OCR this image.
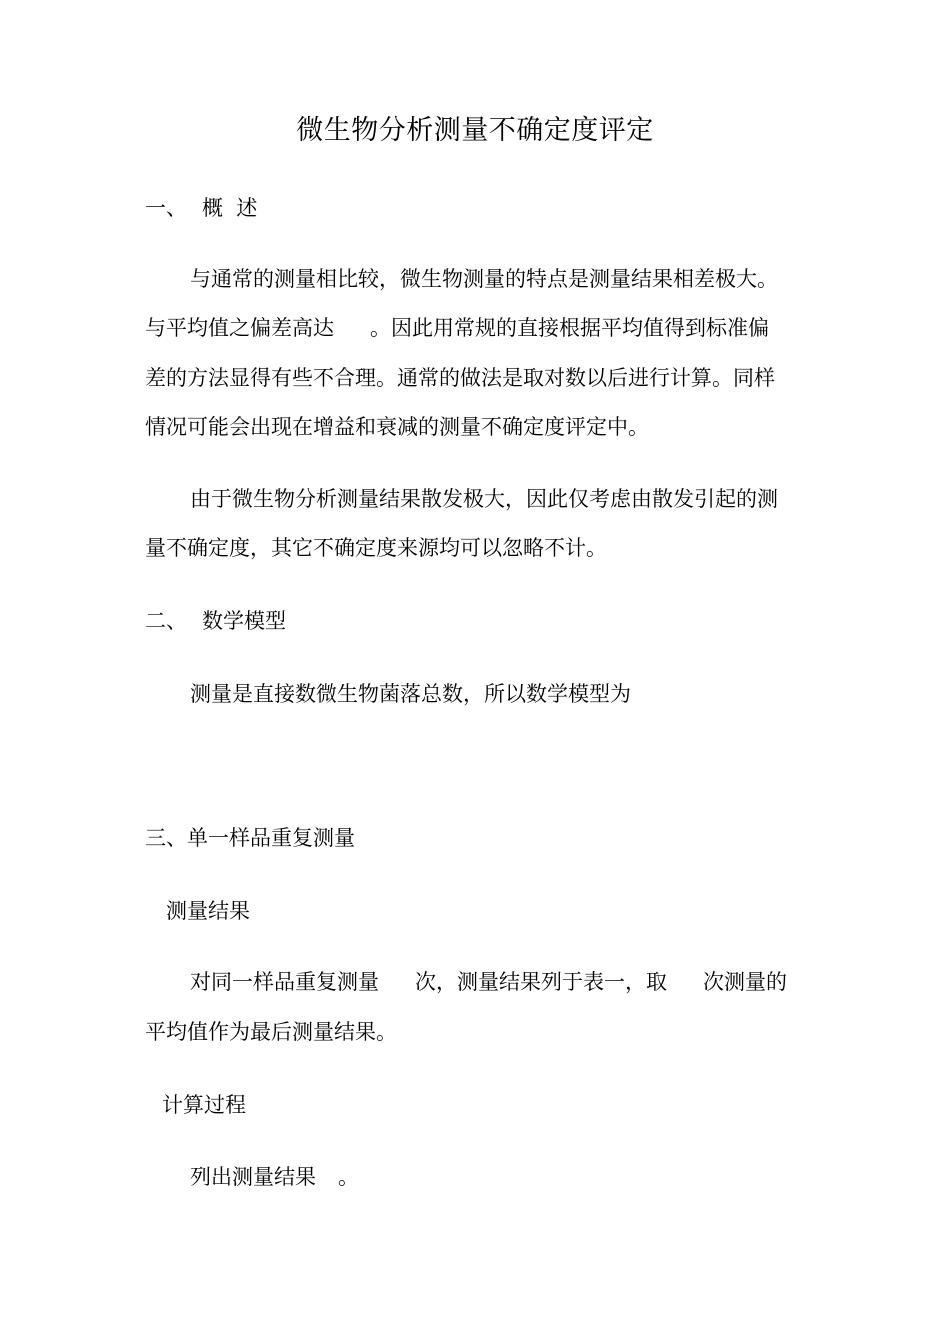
微生物分析测量不确定度评定
一、 概  述
与通常的测量相比较，微生物测量的特点是测量结果相差极大。
与平均值之偏差高达 。因此用常规的直接根据平均值得到标准偏
差的方法显得有些不合理。通常的做法是取对数以后进行计算。同样
情况可能会出现在增益和衰减的测量不确定度评定中。
由于微生物分析测量结果散发极大，因此仅考虑由散发引起的测
量不确定度，其它不确定度来源均可以忽略不计。
二、 数学模型
测量是直接数微生物菌落总数，所以数学模型为
三、单一样品重复测量
测量结果
对同一样品重复测量 次，测量结果列于表一，取 次测量的
平均值作为最后测量结果。
计算过程
列出测量结果 。
